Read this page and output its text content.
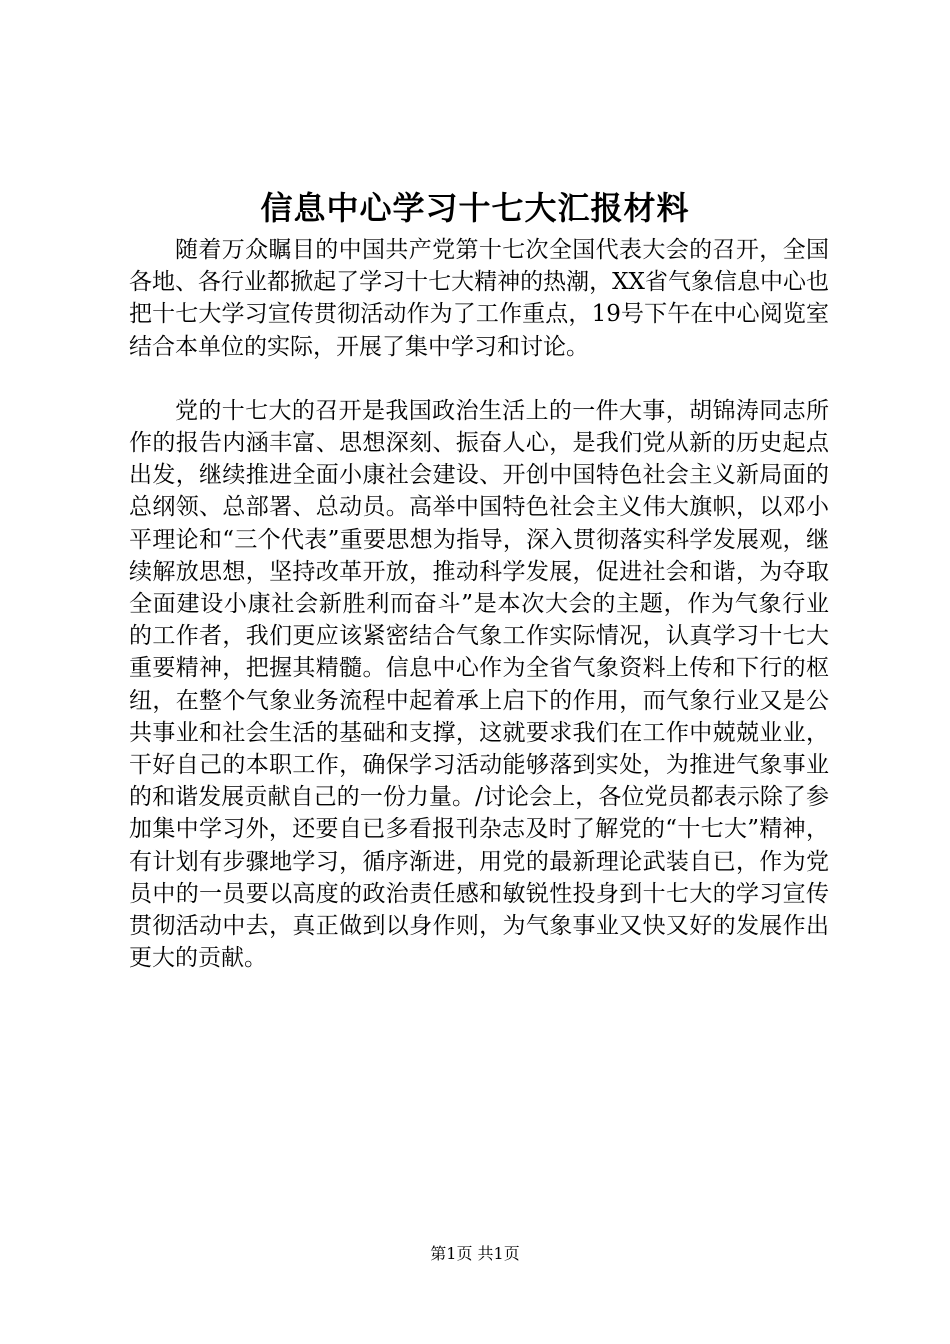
信息中心学习十七大汇报材料

随着万众瞩目的中国共产党第十七次全国代表大会的召开，全国各地、各行业都掀起了学习十七大精神的热潮，XX省气象信息中心也把十七大学习宣传贯彻活动作为了工作重点，19号下午在中心阅览室结合本单位的实际，开展了集中学习和讨论。

党的十七大的召开是我国政治生活上的一件大事，胡锦涛同志所作的报告内涵丰富、思想深刻、振奋人心，是我们党从新的历史起点出发，继续推进全面小康社会建设、开创中国特色社会主义新局面的总纲领、总部署、总动员。高举中国特色社会主义伟大旗帜，以邓小平理论和“三个代表”重要思想为指导，深入贯彻落实科学发展观，继续解放思想，坚持改革开放，推动科学发展，促进社会和谐，为夺取全面建设小康社会新胜利而奋斗”是本次大会的主题，作为气象行业的工作者，我们更应该紧密结合气象工作实际情况，认真学习十七大重要精神，把握其精髓。信息中心作为全省气象资料上传和下行的枢纽，在整个气象业务流程中起着承上启下的作用，而气象行业又是公共事业和社会生活的基础和支撑，这就要求我们在工作中兢兢业业，干好自己的本职工作，确保学习活动能够落到实处，为推进气象事业的和谐发展贡献自己的一份力量。/讨论会上，各位党员都表示除了参加集中学习外，还要自已多看报刊杂志及时了解党的“十七大”精神，有计划有步骤地学习，循序渐进，用党的最新理论武装自已，作为党员中的一员要以高度的政治责任感和敏锐性投身到十七大的学习宣传贯彻活动中去，真正做到以身作则，为气象事业又快又好的发展作出更大的贡献。

第1页 共1页
